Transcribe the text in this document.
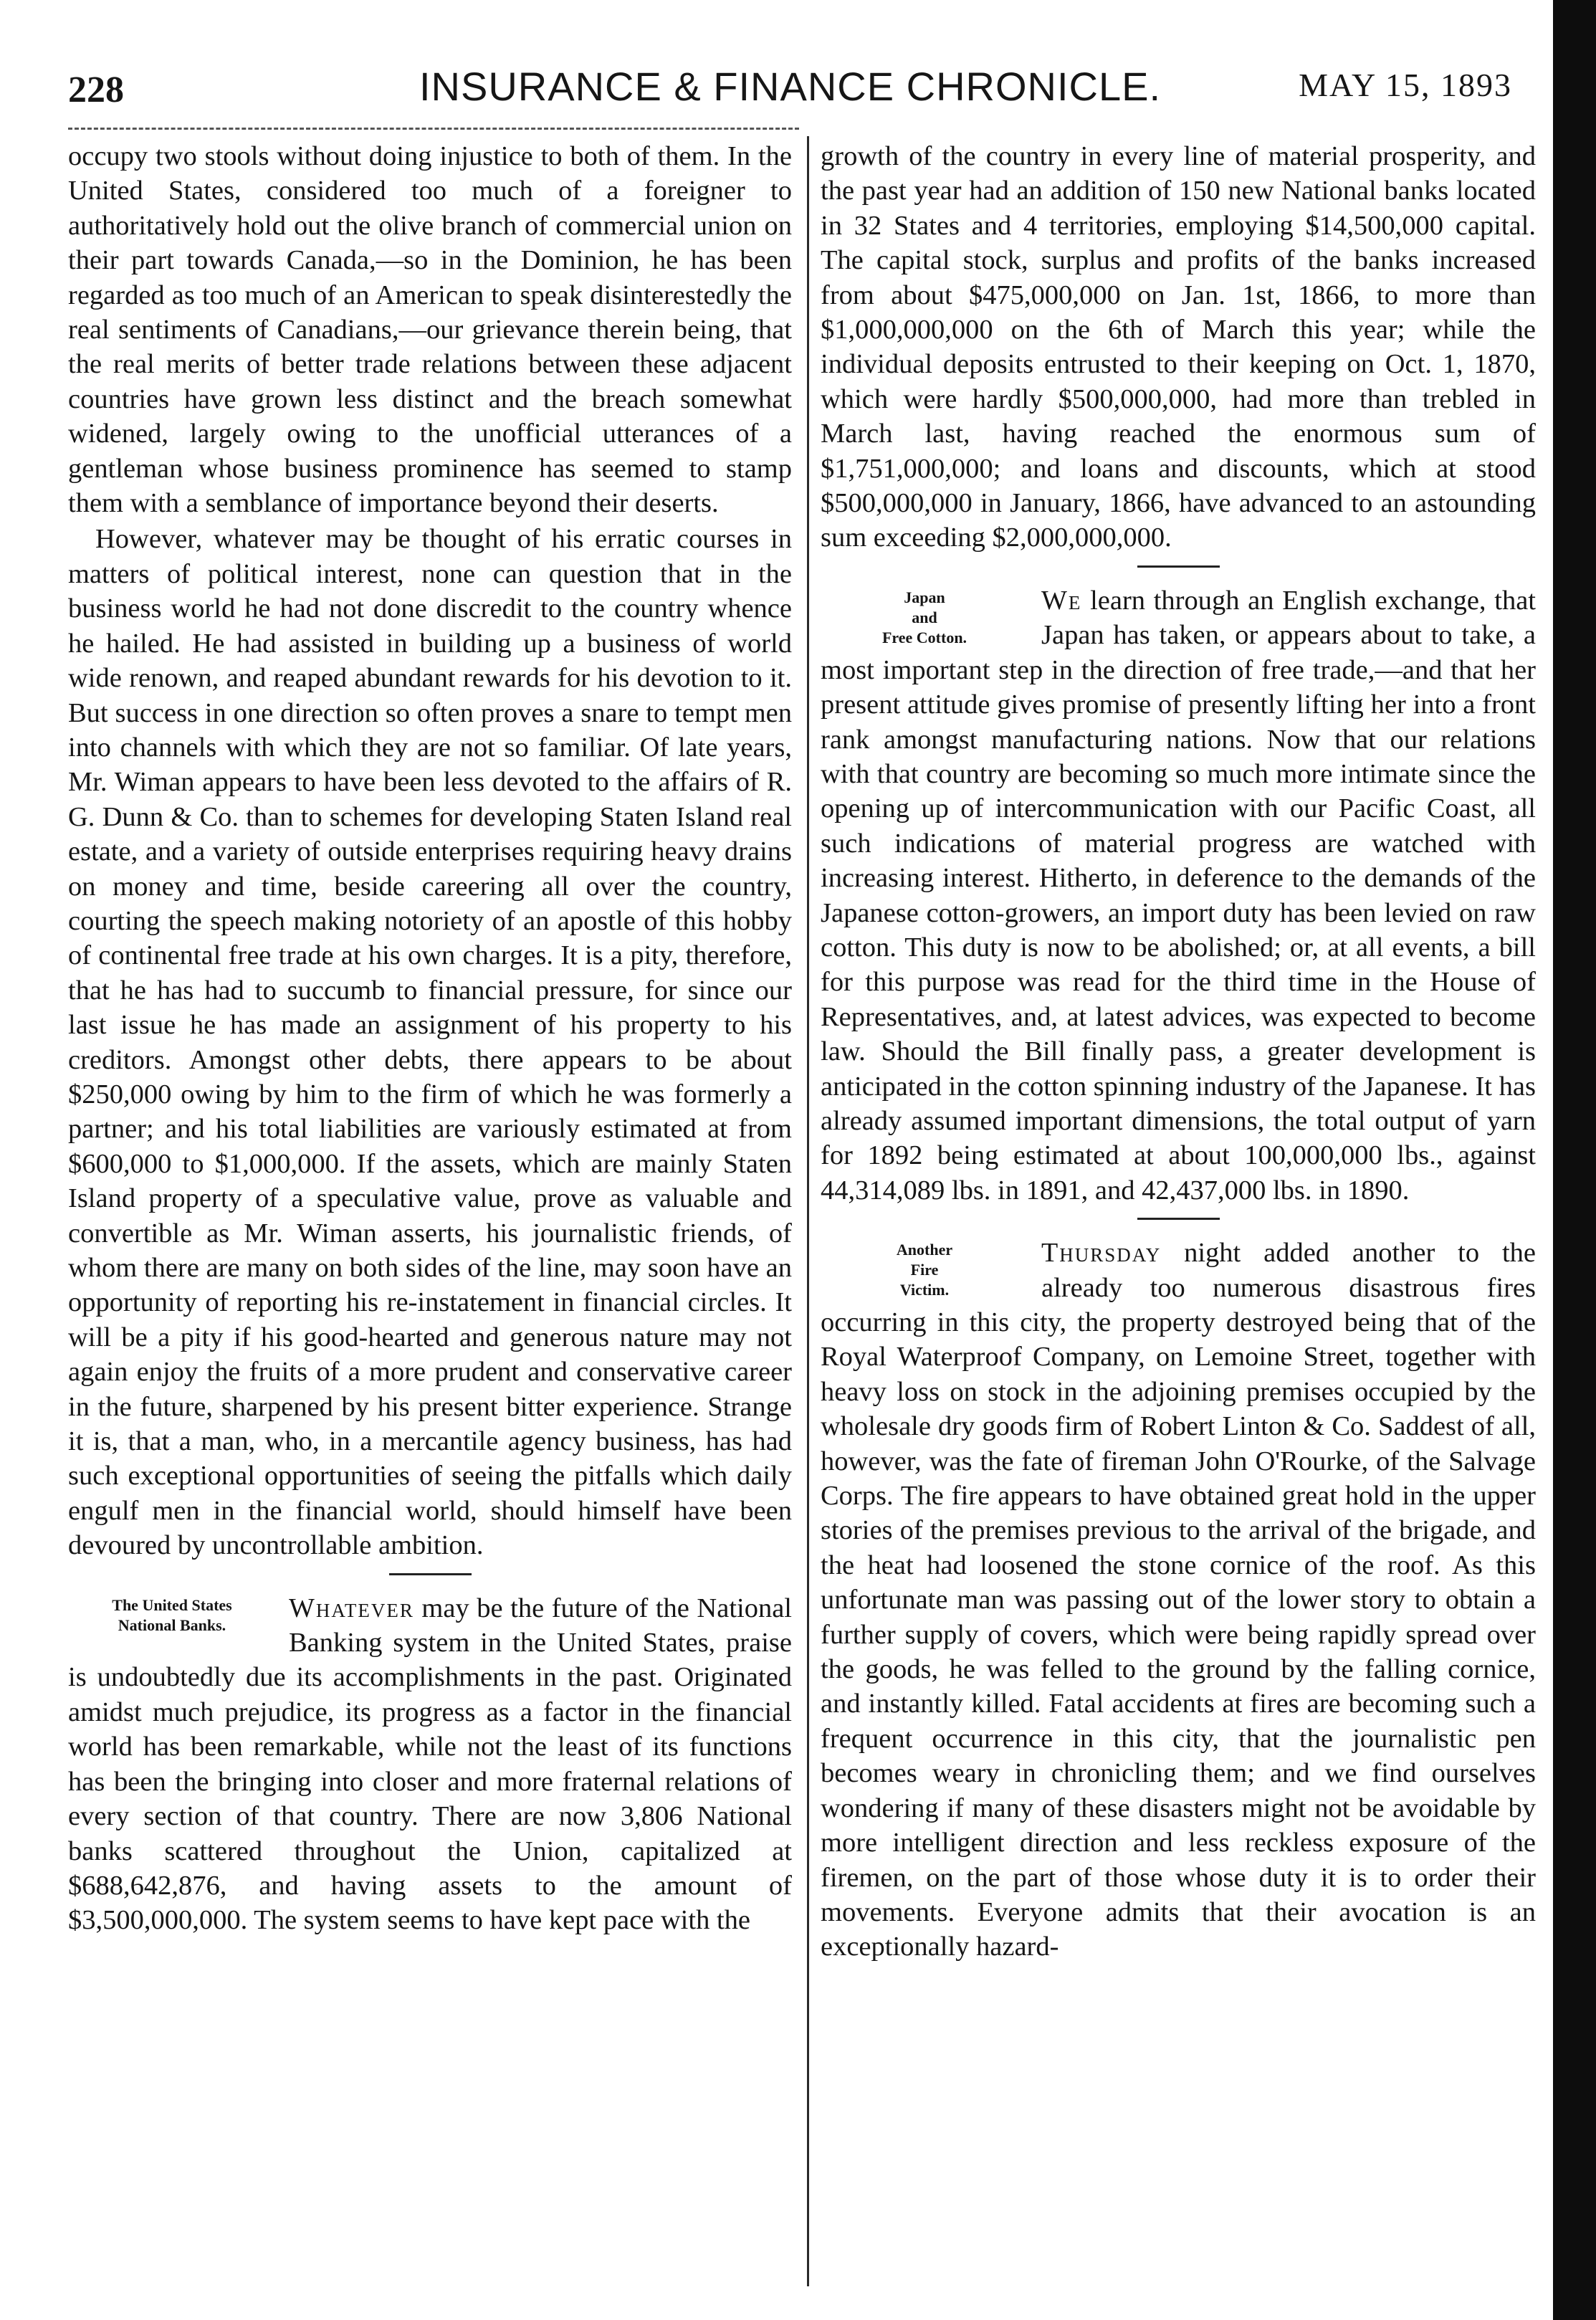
228	INSURANCE & FINANCE CHRONICLE.	MAY 15, 1893

occupy two stools without doing injustice to both of them. In the United States, considered too much of a foreigner to authoritatively hold out the olive branch of commercial union on their part towards Canada,—so in the Dominion, he has been regarded as too much of an American to speak disinterestedly the real sentiments of Canadians,—our grievance therein being, that the real merits of better trade relations between these adjacent countries have grown less distinct and the breach somewhat widened, largely owing to the unofficial utterances of a gentleman whose business prominence has seemed to stamp them with a semblance of importance beyond their deserts.

However, whatever may be thought of his erratic courses in matters of political interest, none can question that in the business world he had not done discredit to the country whence he hailed. He had assisted in building up a business of world wide renown, and reaped abundant rewards for his devotion to it. But success in one direction so often proves a snare to tempt men into channels with which they are not so familiar. Of late years, Mr. Wiman appears to have been less devoted to the affairs of R. G. Dunn & Co. than to schemes for developing Staten Island real estate, and a variety of outside enterprises requiring heavy drains on money and time, beside careering all over the country, courting the speech making notoriety of an apostle of this hobby of continental free trade at his own charges. It is a pity, therefore, that he has had to succumb to financial pressure, for since our last issue he has made an assignment of his property to his creditors. Amongst other debts, there appears to be about $250,000 owing by him to the firm of which he was formerly a partner; and his total liabilities are variously estimated at from $600,000 to $1,000,000. If the assets, which are mainly Staten Island property of a speculative value, prove as valuable and convertible as Mr. Wiman asserts, his journalistic friends, of whom there are many on both sides of the line, may soon have an opportunity of reporting his re-instatement in financial circles. It will be a pity if his good-hearted and generous nature may not again enjoy the fruits of a more prudent and conservative career in the future, sharpened by his present bitter experience. Strange it is, that a man, who, in a mercantile agency business, has had such exceptional opportunities of seeing the pitfalls which daily engulf men in the financial world, should himself have been devoured by uncontrollable ambition.

The United States
National Banks.

Whatever may be the future of the National Banking system in the United States, praise is undoubtedly due its accomplishments in the past. Originated amidst much prejudice, its progress as a factor in the financial world has been remarkable, while not the least of its functions has been the bringing into closer and more fraternal relations of every section of that country. There are now 3,806 National banks scattered throughout the Union, capitalized at $688,642,876, and having assets to the amount of $3,500,000,000. The system seems to have kept pace with the

growth of the country in every line of material prosperity, and the past year had an addition of 150 new National banks located in 32 States and 4 territories, employing $14,500,000 capital. The capital stock, surplus and profits of the banks increased from about $475,000,000 on Jan. 1st, 1866, to more than $1,000,000,000 on the 6th of March this year; while the individual deposits entrusted to their keeping on Oct. 1, 1870, which were hardly $500,000,000, had more than trebled in March last, having reached the enormous sum of $1,751,000,000; and loans and discounts, which at stood $500,000,000 in January, 1866, have advanced to an astounding sum exceeding $2,000,000,000.

Japan
and
Free Cotton.

We learn through an English exchange, that Japan has taken, or appears about to take, a most important step in the direction of free trade,—and that her present attitude gives promise of presently lifting her into a front rank amongst manufacturing nations. Now that our relations with that country are becoming so much more intimate since the opening up of intercommunication with our Pacific Coast, all such indications of material progress are watched with increasing interest. Hitherto, in deference to the demands of the Japanese cotton-growers, an import duty has been levied on raw cotton. This duty is now to be abolished; or, at all events, a bill for this purpose was read for the third time in the House of Representatives, and, at latest advices, was expected to become law. Should the Bill finally pass, a greater development is anticipated in the cotton spinning industry of the Japanese. It has already assumed important dimensions, the total output of yarn for 1892 being estimated at about 100,000,000 lbs., against 44,314,089 lbs. in 1891, and 42,437,000 lbs. in 1890.

Another
Fire
Victim.

Thursday night added another to the already too numerous disastrous fires occurring in this city, the property destroyed being that of the Royal Waterproof Company, on Lemoine Street, together with heavy loss on stock in the adjoining premises occupied by the wholesale dry goods firm of Robert Linton & Co. Saddest of all, however, was the fate of fireman John O'Rourke, of the Salvage Corps. The fire appears to have obtained great hold in the upper stories of the premises previous to the arrival of the brigade, and the heat had loosened the stone cornice of the roof. As this unfortunate man was passing out of the lower story to obtain a further supply of covers, which were being rapidly spread over the goods, he was felled to the ground by the falling cornice, and instantly killed. Fatal accidents at fires are becoming such a frequent occurrence in this city, that the journalistic pen becomes weary in chronicling them; and we find ourselves wondering if many of these disasters might not be avoidable by more intelligent direction and less reckless exposure of the firemen, on the part of those whose duty it is to order their movements. Everyone admits that their avocation is an exceptionally hazard-
